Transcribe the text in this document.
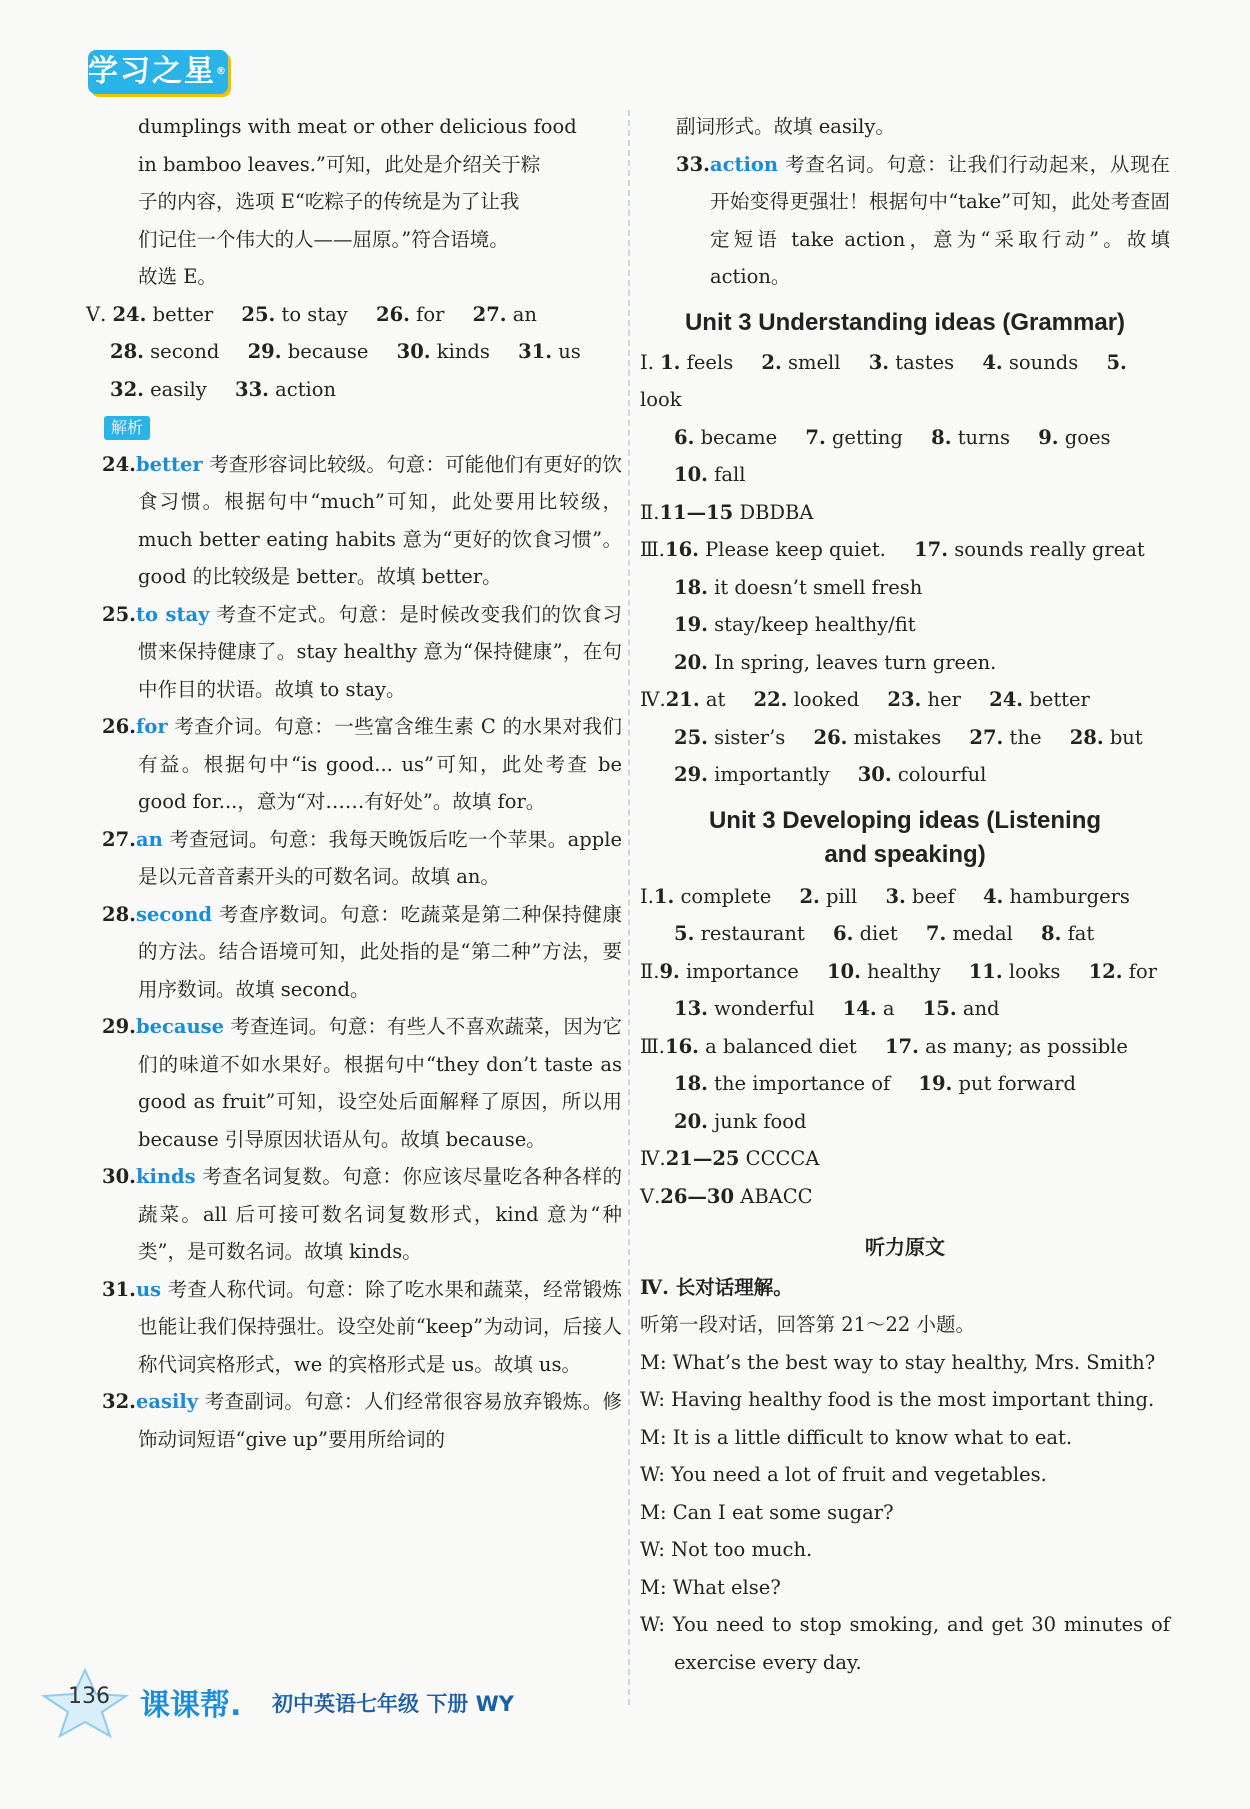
学习之星®

dumplings with meat or other delicious food

in bamboo leaves.”可知，此处是介绍关于粽

子的内容，选项 E“吃粽子的传统是为了让我

们记住一个伟大的人——屈原。”符合语境。

故选 E。

Ⅴ. 24. better 25. to stay 26. for 27. an

28. second 29. because 30. kinds 31. us

32. easily 33. action

解析
24.better 考查形容词比较级。句意：可能他们有更好的饮食习惯。根据句中“much”可知，此处要用比较级，much better eating habits 意为“更好的饮食习惯”。good 的比较级是 better。故填 better。
25.to stay 考查不定式。句意：是时候改变我们的饮食习惯来保持健康了。stay healthy 意为“保持健康”，在句中作目的状语。故填 to stay。
26.for 考查介词。句意：一些富含维生素 C 的水果对我们有益。根据句中“is good... us”可知，此处考查 be good for...，意为“对……有好处”。故填 for。
27.an 考查冠词。句意：我每天晚饭后吃一个苹果。apple 是以元音音素开头的可数名词。故填 an。
28.second 考查序数词。句意：吃蔬菜是第二种保持健康的方法。结合语境可知，此处指的是“第二种”方法，要用序数词。故填 second。
29.because 考查连词。句意：有些人不喜欢蔬菜，因为它们的味道不如水果好。根据句中“they don’t taste as good as fruit”可知，设空处后面解释了原因，所以用 because 引导原因状语从句。故填 because。
30.kinds 考查名词复数。句意：你应该尽量吃各种各样的蔬菜。all 后可接可数名词复数形式，kind 意为“种类”，是可数名词。故填 kinds。
31.us 考查人称代词。句意：除了吃水果和蔬菜，经常锻炼也能让我们保持强壮。设空处前“keep”为动词，后接人称代词宾格形式，we 的宾格形式是 us。故填 us。
32.easily 考查副词。句意：人们经常很容易放弃锻炼。修饰动词短语“give up”要用所给词的

副词形式。故填 easily。

33.action 考查名词。句意：让我们行动起来，从现在开始变得更强壮！根据句中“take”可知，此处考查固定短语 take action，意为“采取行动”。故填 action。
Unit 3 Understanding ideas (Grammar)

Ⅰ. 1. feels 2. smell 3. tastes 4. sounds 5. look

6. became 7. getting 8. turns 9. goes 10. fall

Ⅱ.11—15 DBDBA

Ⅲ.16. Please keep quiet. 17. sounds really great

18. it doesn’t smell fresh

19. stay/keep healthy/fit

20. In spring, leaves turn green.

Ⅳ.21. at 22. looked 23. her 24. better

25. sister’s 26. mistakes 27. the 28. but

29. importantly 30. colourful

Unit 3 Developing ideas (Listening
and speaking)

Ⅰ.1. complete 2. pill 3. beef 4. hamburgers

5. restaurant 6. diet 7. medal 8. fat

Ⅱ.9. importance 10. healthy 11. looks 12. for

13. wonderful 14. a 15. and

Ⅲ.16. a balanced diet 17. as many; as possible

18. the importance of 19. put forward

20. junk food

Ⅳ.21—25 CCCCA

Ⅴ.26—30 ABACC

听力原文

Ⅳ. 长对话理解。

听第一段对话，回答第 21～22 小题。

M: What’s the best way to stay healthy, Mrs. Smith?
W: Having healthy food is the most important thing.
M: It is a little difficult to know what to eat.
W: You need a lot of fruit and vegetables.
M: Can I eat some sugar?
W: Not too much.
M: What else?
W: You need to stop smoking, and get 30 minutes of exercise every day.
136 课课帮. 初中英语七年级 下册 WY
